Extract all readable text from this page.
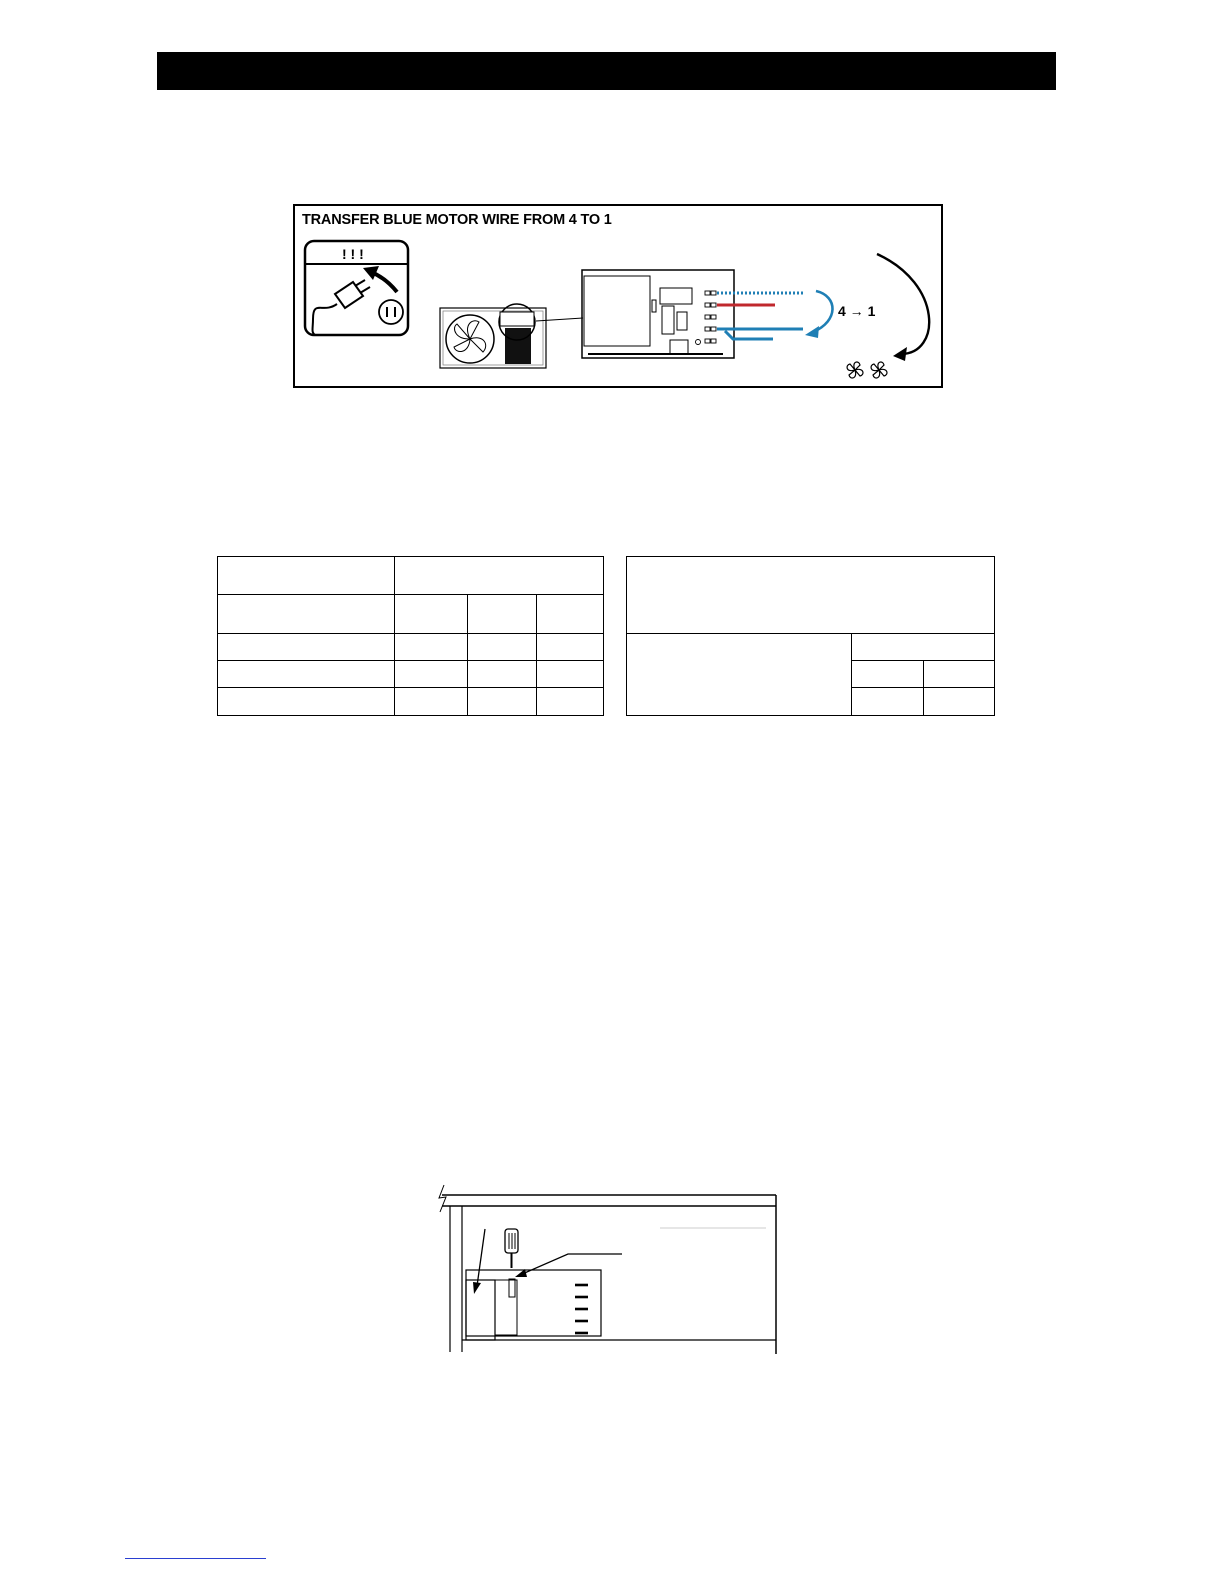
TRANSFER BLUE MOTOR WIRE FROM 4 TO 1
! ! !
4 → 1
